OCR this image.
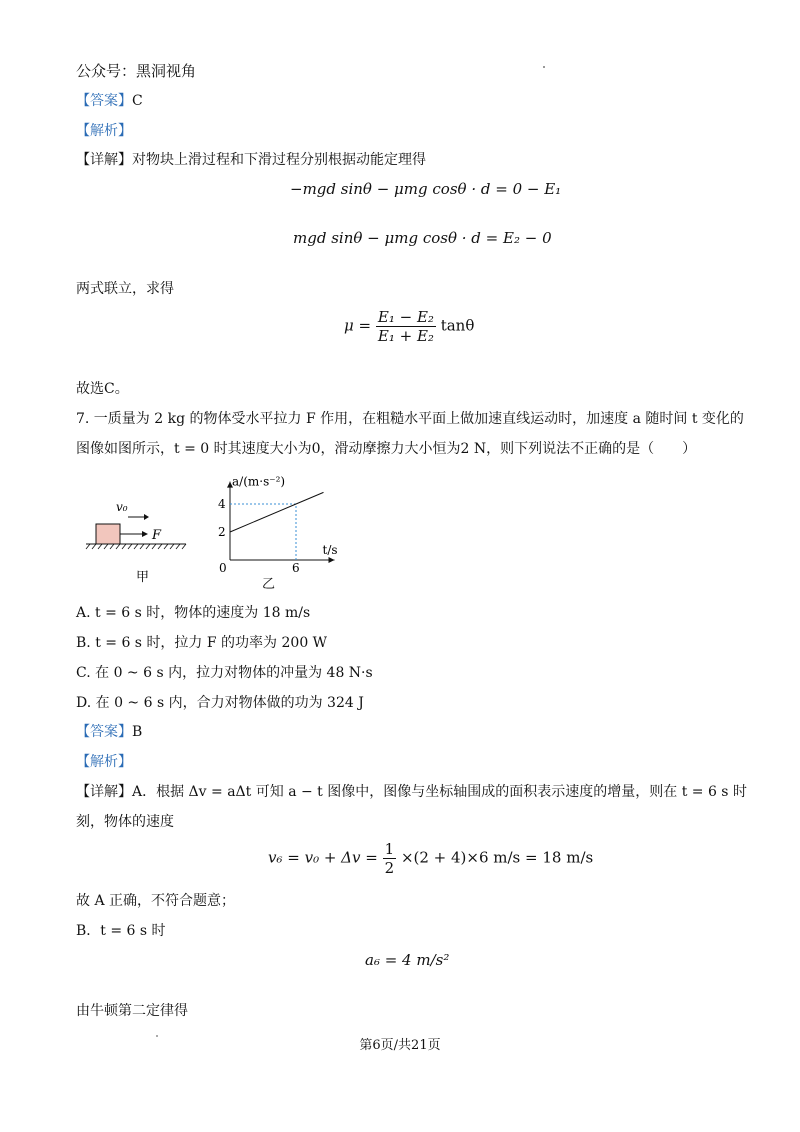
公众号：黑洞视角
【答案】C
【解析】
【详解】对物块上滑过程和下滑过程分别根据动能定理得
−mgd sinθ − μmg cosθ · d = 0 − E₁
mgd sinθ − μmg cosθ · d = E₂ − 0
两式联立，求得
$\mu = \frac{\text{E₁ − E₂}}{\text{E₁ + E₂}}$ tanθ
故选C。
7. 一质量为 2 kg 的物体受水平拉力 F 作用，在粗糙水平面上做加速直线运动时，加速度 a 随时间 t 变化的
图像如图所示，t = 0 时其速度大小为0，滑动摩擦力大小恒为2 N，则下列说法不正确的是（　　）
v₀
F
甲
a/(m·s⁻²)
t/s
0
2
4
6
乙
A. t = 6 s 时，物体的速度为 18 m/s
B. t = 6 s 时，拉力 F 的功率为 200 W
C. 在 0 ~ 6 s 内，拉力对物体的冲量为 48 N·s
D. 在 0 ~ 6 s 内，合力对物体做的功为 324 J
【答案】B
【解析】
【详解】A．根据 Δv = aΔt 可知 a − t 图像中，图像与坐标轴围成的面积表示速度的增量，则在 t = 6 s 时
刻，物体的速度
$v_6 = v_0 + \Delta v = \frac{1}{2} \times(2 + 4)\times 6$ m/s = 18 m/s
故 A 正确，不符合题意；
B．t = 6 s 时
a₆ = 4 m/s²
由牛顿第二定律得
第6页/共21页
